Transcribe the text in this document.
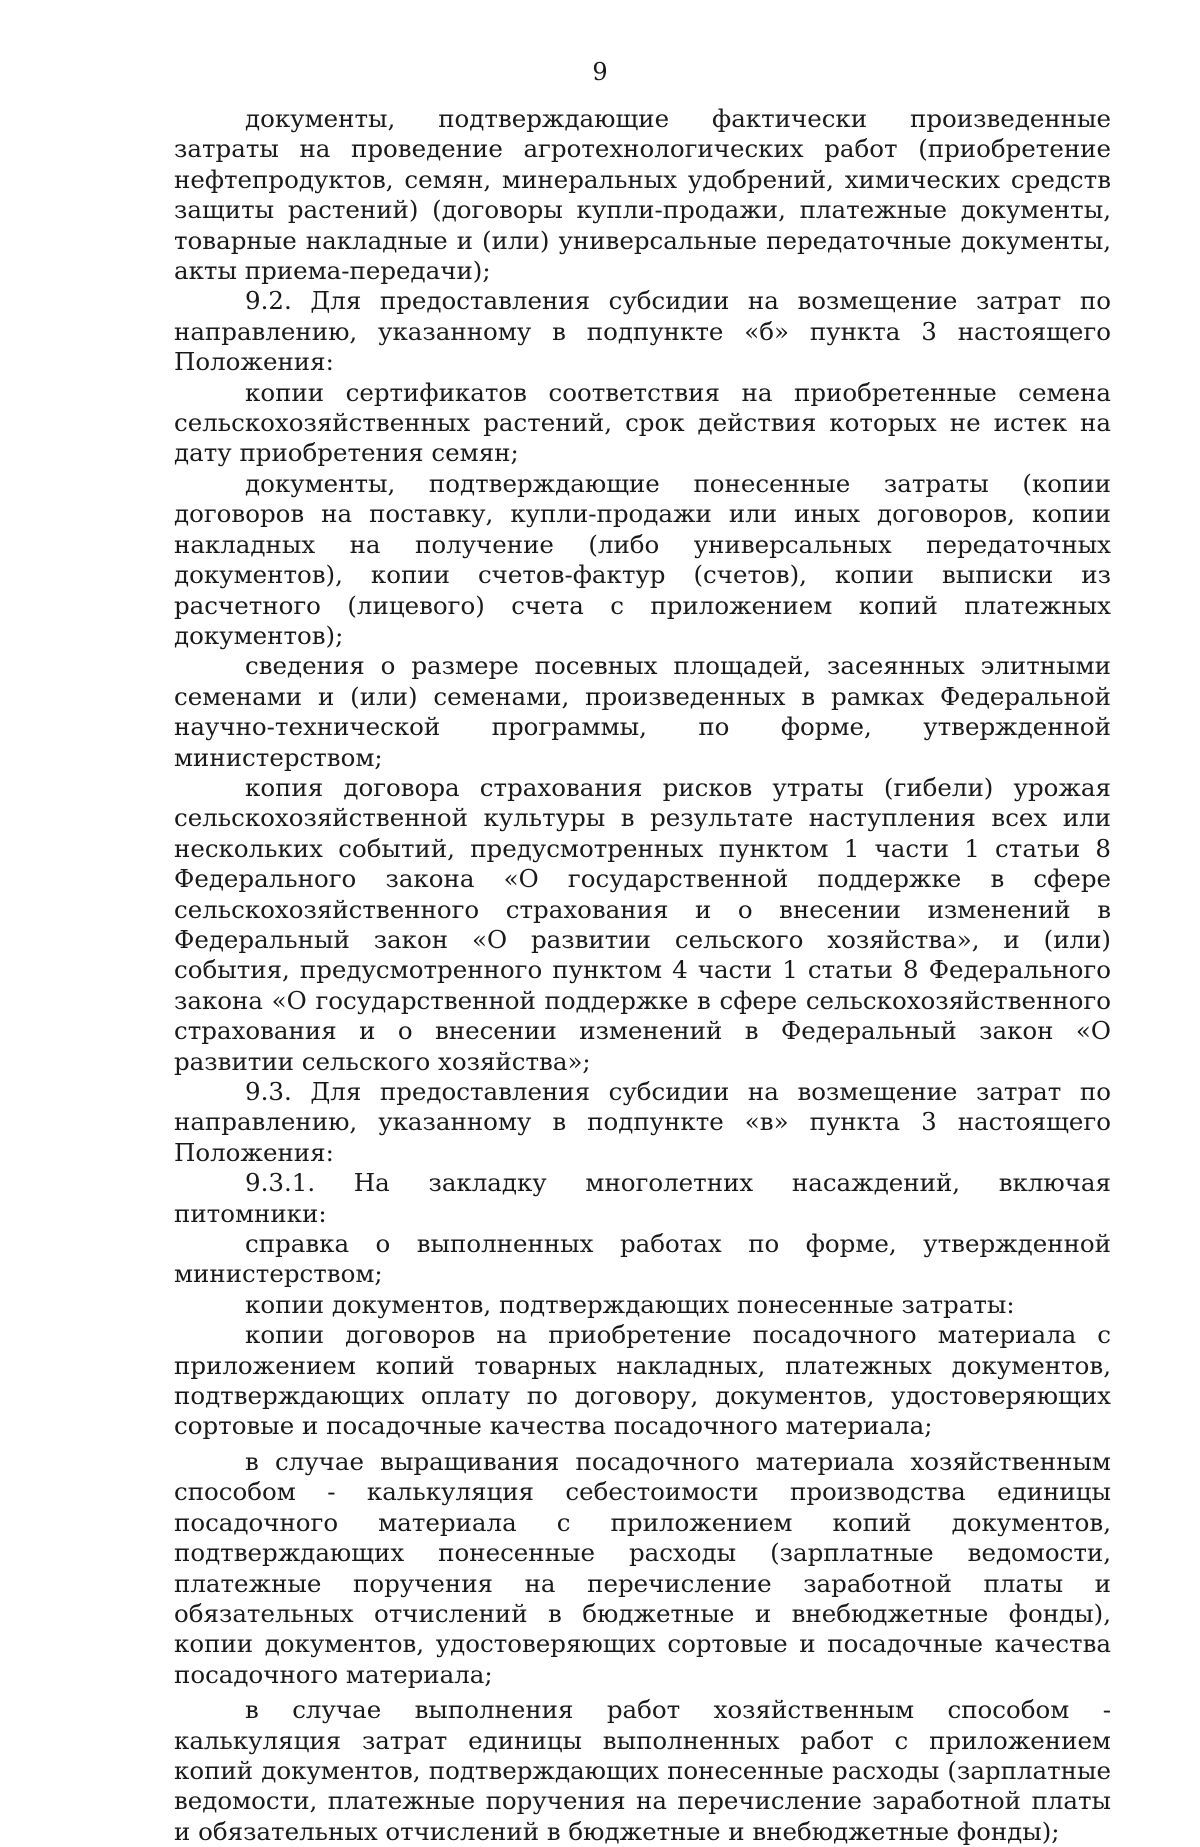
9

документы, подтверждающие фактически произведенные затраты на проведение агротехнологических работ (приобретение нефтепродуктов, семян, минеральных удобрений, химических средств защиты растений) (договоры купли-продажи, платежные документы, товарные накладные и (или) универсальные передаточные документы, акты приема-передачи);

9.2. Для предоставления субсидии на возмещение затрат по направлению, указанному в подпункте «б» пункта 3 настоящего Положения:

копии сертификатов соответствия на приобретенные семена сельскохозяйственных растений, срок действия которых не истек на дату приобретения семян;

документы, подтверждающие понесенные затраты (копии договоров на поставку, купли-продажи или иных договоров, копии накладных на получение (либо универсальных передаточных документов), копии счетов-фактур (счетов), копии выписки из расчетного (лицевого) счета с приложением копий платежных документов);

сведения о размере посевных площадей, засеянных элитными семенами и (или) семенами, произведенных в рамках Федеральной научно-технической программы, по форме, утвержденной министерством;

копия договора страхования рисков утраты (гибели) урожая сельскохозяйственной культуры в результате наступления всех или нескольких событий, предусмотренных пунктом 1 части 1 статьи 8 Федерального закона «О государственной поддержке в сфере сельскохозяйственного страхования и о внесении изменений в Федеральный закон «О развитии сельского хозяйства», и (или) события, предусмотренного пунктом 4 части 1 статьи 8 Федерального закона «О государственной поддержке в сфере сельскохозяйственного страхования и о внесении изменений в Федеральный закон «О развитии сельского хозяйства»;

9.3. Для предоставления субсидии на возмещение затрат по направлению, указанному в подпункте «в» пункта 3 настоящего Положения:

9.3.1. На закладку многолетних насаждений, включая питомники:

справка о выполненных работах по форме, утвержденной министерством;

копии документов, подтверждающих понесенные затраты:

копии договоров на приобретение посадочного материала с приложением копий товарных накладных, платежных документов, подтверждающих оплату по договору, документов, удостоверяющих сортовые и посадочные качества посадочного материала;

в случае выращивания посадочного материала хозяйственным способом - калькуляция себестоимости производства единицы посадочного материала с приложением копий документов, подтверждающих понесенные расходы (зарплатные ведомости, платежные поручения на перечисление заработной платы и обязательных отчислений в бюджетные и внебюджетные фонды), копии документов, удостоверяющих сортовые и посадочные качества посадочного материала;

в случае выполнения работ хозяйственным способом - калькуляция затрат единицы выполненных работ с приложением копий документов, подтверждающих понесенные расходы (зарплатные ведомости, платежные поручения на перечисление заработной платы и обязательных отчислений в бюджетные и внебюджетные фонды);
